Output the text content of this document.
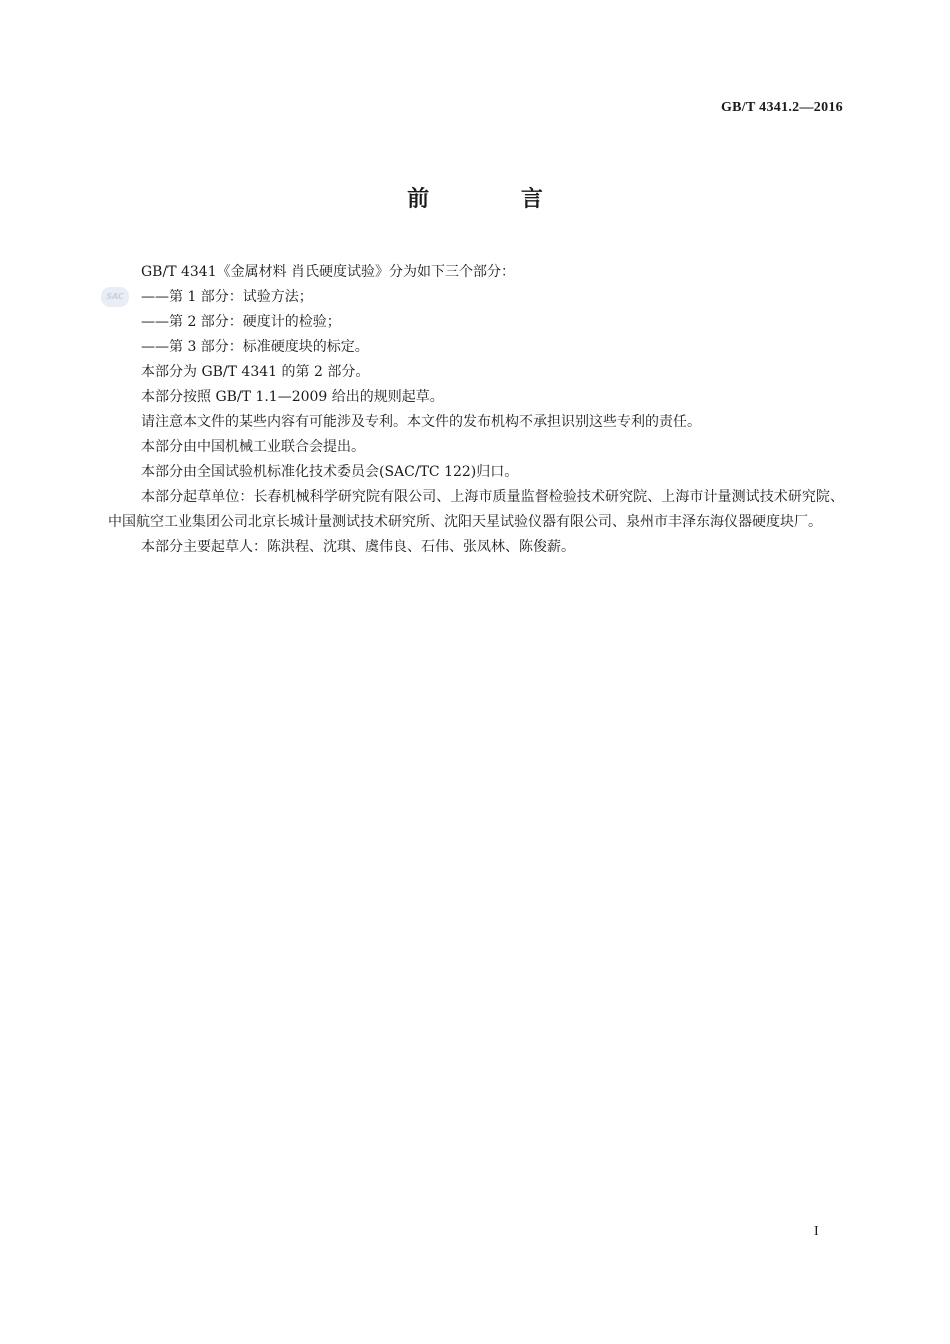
GB/T 4341.2—2016
前 言
SAC

GB/T 4341《金属材料 肖氏硬度试验》分为如下三个部分：

——第 1 部分：试验方法；

——第 2 部分：硬度计的检验；

——第 3 部分：标准硬度块的标定。

本部分为 GB/T 4341 的第 2 部分。

本部分按照 GB/T 1.1—2009 给出的规则起草。

请注意本文件的某些内容有可能涉及专利。本文件的发布机构不承担识别这些专利的责任。

本部分由中国机械工业联合会提出。

本部分由全国试验机标准化技术委员会(SAC/TC 122)归口。

本部分起草单位：长春机械科学研究院有限公司、上海市质量监督检验技术研究院、上海市计量测试技术研究院、中国航空工业集团公司北京长城计量测试技术研究所、沈阳天星试验仪器有限公司、泉州市丰泽东海仪器硬度块厂。

本部分主要起草人：陈洪程、沈琪、虞伟良、石伟、张凤林、陈俊薪。

I
